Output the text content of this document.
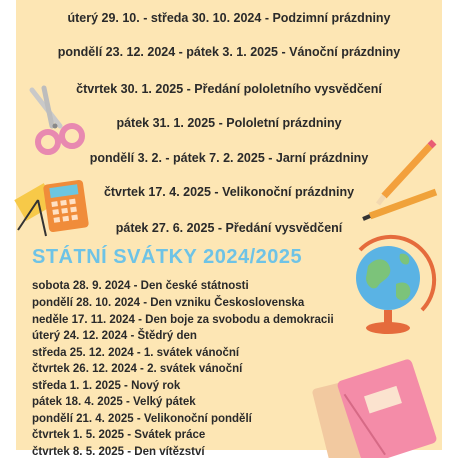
úterý 29. 10. - středa 30. 10. 2024 - Podzimní prázdniny
pondělí 23. 12. 2024 - pátek 3. 1. 2025 - Vánoční prázdniny
čtvrtek 30. 1. 2025 - Předání pololetního vysvědčení
pátek 31. 1. 2025 - Pololetní prázdniny
pondělí 3. 2. - pátek 7. 2. 2025 - Jarní prázdniny
čtvrtek 17. 4. 2025 - Velikonoční prázdniny
pátek 27. 6. 2025 - Předání vysvědčení
STÁTNÍ SVÁTKY 2024/2025
sobota 28. 9. 2024 - Den české státnosti
pondělí 28. 10. 2024 - Den vzniku Československa
neděle 17. 11. 2024 - Den boje za svobodu a demokracii
úterý 24. 12. 2024 - Štědrý den
středa 25. 12. 2024 - 1. svátek vánoční
čtvrtek 26. 12. 2024 - 2. svátek vánoční
středa 1. 1. 2025 - Nový rok
pátek 18. 4. 2025 - Velký pátek
pondělí 21. 4. 2025 - Velikonoční pondělí
čtvrtek 1. 5. 2025 - Svátek práce
čtvrtek 8. 5. 2025 - Den vítězství
